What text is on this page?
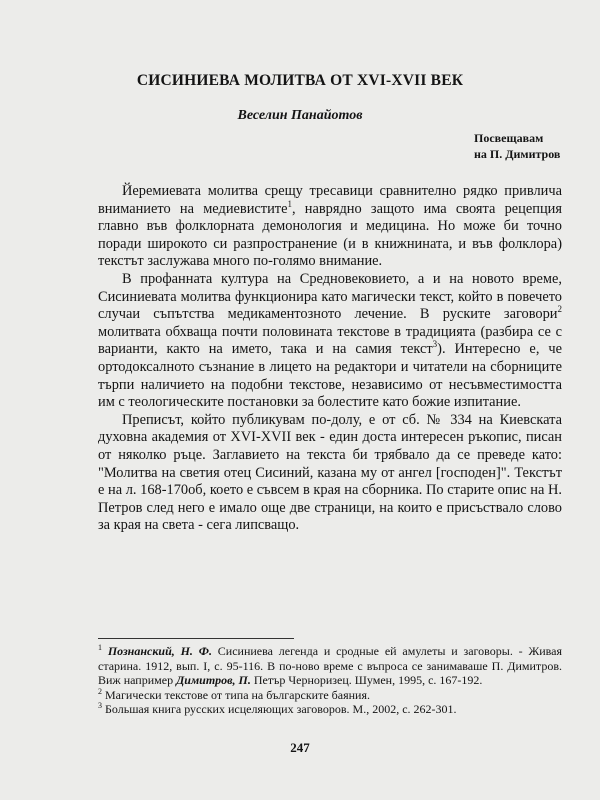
СИСИНИЕВА МОЛИТВА ОТ XVI-XVII ВЕК
Веселин Панайотов
Посвещавам
на П. Димитров

Йеремиевата молитва срещу тресавици сравнително рядко привлича вниманието на медиевистите$^1$, наврядно защото има своята рецепция главно във фолклорната демонология и медицина. Но може би точно поради широкото си разпространение (и в книжнината, и във фолклора) текстът заслужава много по-голямо внимание.

В профанната култура на Средновековието, а и на новото време, Сисиниевата молитва функционира като магически текст, който в повечето случаи съпътства медикаментозното лечение. В руските заговори$^2$ молитвата обхваща почти половината текстове в традицията (разбира се с варианти, както на името, така и на самия текст$^3$). Интересно е, че ортодоксалното съзнание в лицето на редактори и читатели на сборниците търпи наличието на подобни текстове, независимо от несъвместимостта им с теологическите постановки за болестите като божие изпитание.

Преписът, който публикувам по-долу, е от сб. № 334 на Киевската духовна академия от XVI-XVII век - един доста интересен ръкопис, писан от няколко ръце. Заглавието на текста би трябвало да се преведе като: "Молитва на светия отец Сисиний, казана му от ангел [господен]". Текстът е на л. 168-170об, което е съвсем в края на сборника. По старите опис на Н. Петров след него е имало още две страници, на които е присъствало слово за края на света - сега липсващо.

$^1$ Познанский, Н. Ф. Сисиниева легенда и сродные ей амулеты и заговоры. - Живая старина. 1912, вып. I, с. 95-116. В по-ново време с въпроса се занимаваше П. Димитров. Виж например Димитров, П. Петър Черноризец. Шумен, 1995, с. 167-192.

$^2$ Магически текстове от типа на българските баяния.

$^3$ Большая книга русских исцеляющих заговоров. М., 2002, с. 262-301.

247
